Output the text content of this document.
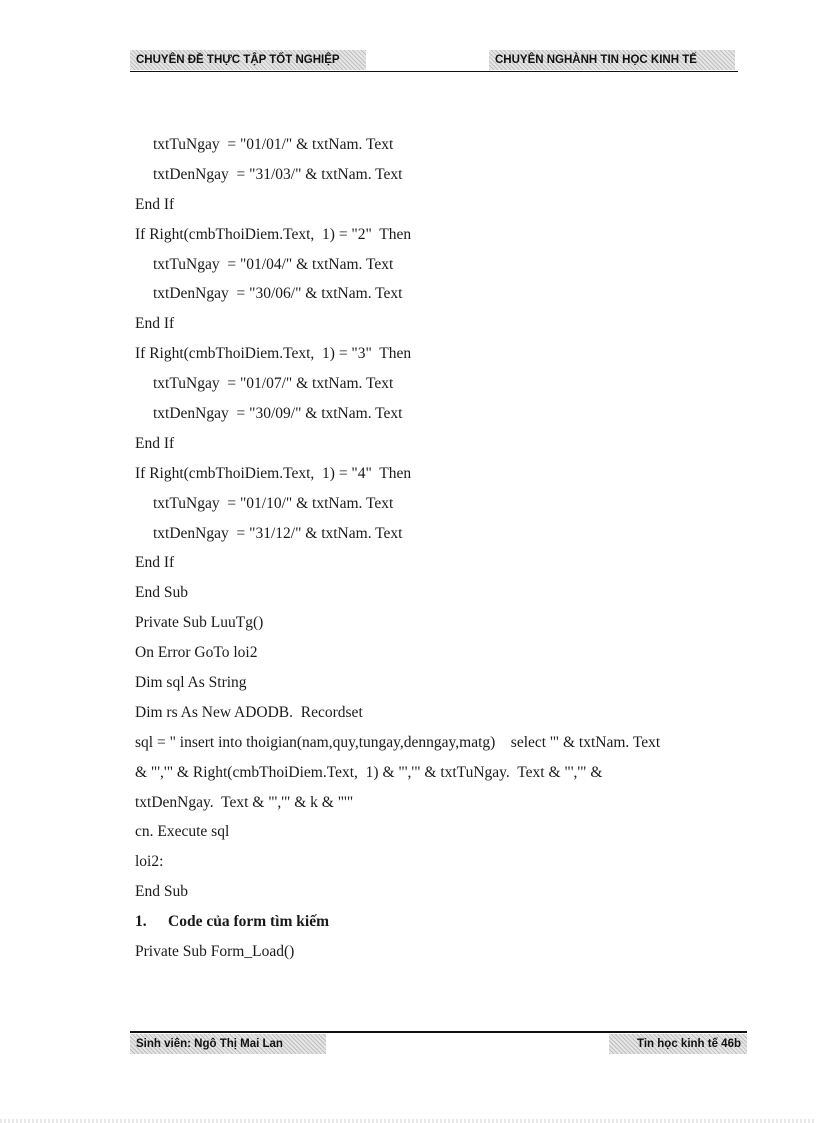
CHUYÊN ĐỀ THỰC TẬP TỐT NGHIỆP	CHUYÊN NGHÀNH TIN HỌC KINH TẾ
txtTuNgay  = "01/01/" & txtNam. Text
txtDenNgay  = "31/03/" & txtNam. Text
End If
If Right(cmbThoiDiem.Text,  1) = "2"  Then
txtTuNgay  = "01/04/" & txtNam. Text
txtDenNgay  = "30/06/" & txtNam. Text
End If
If Right(cmbThoiDiem.Text,  1) = "3"  Then
txtTuNgay  = "01/07/" & txtNam. Text
txtDenNgay  = "30/09/" & txtNam. Text
End If
If Right(cmbThoiDiem.Text,  1) = "4"  Then
txtTuNgay  = "01/10/" & txtNam. Text
txtDenNgay  = "31/12/" & txtNam. Text
End If
End Sub
Private Sub LuuTg()
On Error GoTo loi2
Dim sql As String
Dim rs As New ADODB.  Recordset
sql = " insert into thoigian(nam,quy,tungay,denngay,matg)    select '" & txtNam. Text
& "','" & Right(cmbThoiDiem.Text,  1) & "','" & txtTuNgay.  Text & "','" &
txtDenNgay.  Text & "','" & k & "'"
cn. Execute sql
loi2:
End Sub
1. Code của form tìm kiếm
Private Sub Form_Load()
Sinh viên: Ngô Thị Mai Lan	Tin học kinh tế 46b
